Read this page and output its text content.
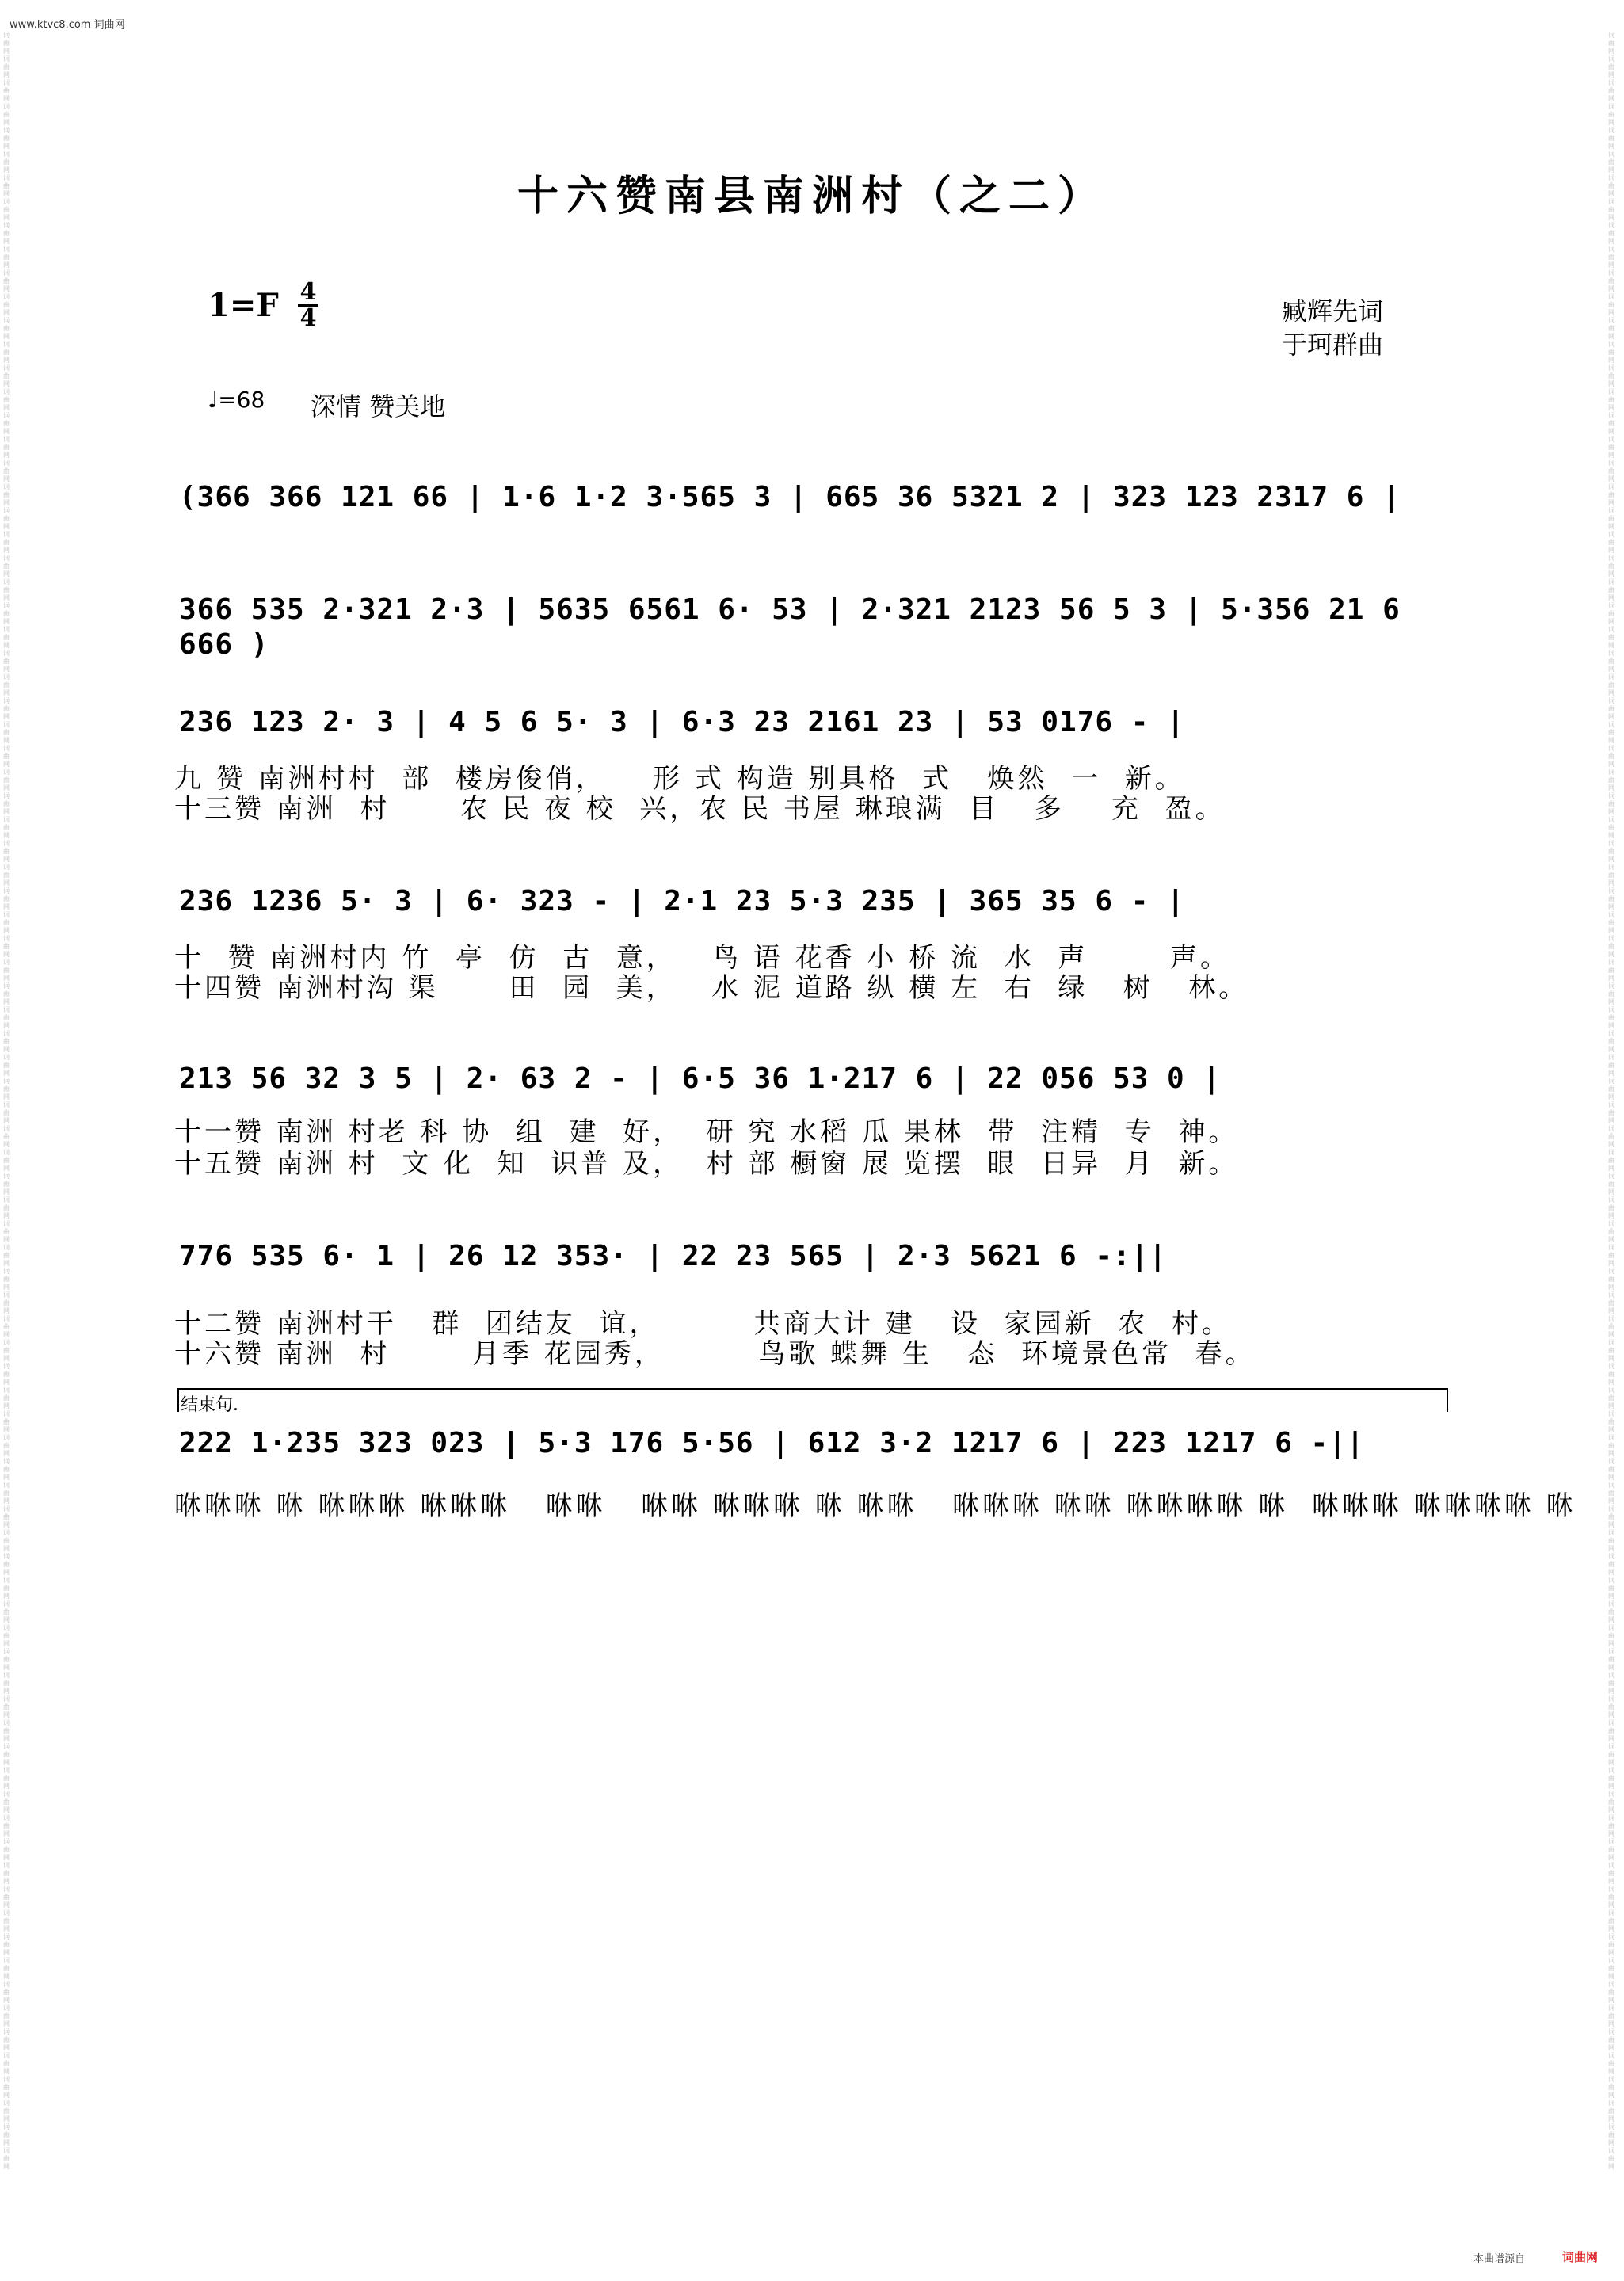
www.ktvc8.com 词曲网
词曲网词曲网词曲网词曲网词曲网词曲网词曲网词曲网词曲网词曲网词曲网词曲网词曲网词曲网词曲网词曲网词曲网词曲网词曲网词曲网词曲网词曲网词曲网词曲网词曲网词曲网词曲网词曲网词曲网词曲网词曲网词曲网词曲网词曲网词曲网词曲网词曲网词曲网词曲网词曲网词曲网词曲网词曲网词曲网词曲网词曲网词曲网词曲网词曲网词曲网词曲网词曲网词曲网词曲网词曲网词曲网词曲网词曲网词曲网词曲网词曲网词曲网词曲网词曲网词曲网词曲网词曲网词曲网词曲网词曲网词曲网词曲网词曲网词曲网词曲网词曲网词曲网词曲网词曲网词曲网词曲网词曲网词曲网词曲网词曲网词曲网词曲网词曲网词曲网词曲网
词曲网词曲网词曲网词曲网词曲网词曲网词曲网词曲网词曲网词曲网词曲网词曲网词曲网词曲网词曲网词曲网词曲网词曲网词曲网词曲网词曲网词曲网词曲网词曲网词曲网词曲网词曲网词曲网词曲网词曲网词曲网词曲网词曲网词曲网词曲网词曲网词曲网词曲网词曲网词曲网词曲网词曲网词曲网词曲网词曲网词曲网词曲网词曲网词曲网词曲网词曲网词曲网词曲网词曲网词曲网词曲网词曲网词曲网词曲网词曲网词曲网词曲网词曲网词曲网词曲网词曲网词曲网词曲网词曲网词曲网词曲网词曲网词曲网词曲网词曲网词曲网词曲网词曲网词曲网词曲网词曲网词曲网词曲网词曲网词曲网词曲网词曲网词曲网词曲网词曲网
十六赞南县南洲村（之二）
1=F 4
4	臧辉先词
于珂群曲
♩=68 深情 赞美地
(366 366 121 66 | 1·6 1·2 3·565 3 | 665 36 5321 2 | 323 123 2317 6 |
366 535 2·321 2·3 | 5635 6561 6· 53 | 2·321 2123 56 5 3 | 5·356 21 6 666 )
236 123 2· 3 | 4 5 6 5· 3 | 6·3 23 2161 23 | 53 0176 - |
九 赞 南洲村村  部  楼房俊俏，    形 式 构造 别具格  式   焕然  一  新。
十三赞 南洲  村      农 民 夜 校  兴，农 民 书屋 琳琅满  目   多    充  盈。
236 1236 5· 3 | 6· 323 - | 2·1 23 5·3 235 | 365 35 6 - |
十  赞 南洲村内 竹  亭  仿  古  意，   鸟 语 花香 小 桥 流  水  声       声。
十四赞 南洲村沟 渠      田  园  美，   水 泥 道路 纵 横 左  右  绿   树   林。
213 56 32 3 5 | 2· 63 2 - | 6·5 36 1·217 6 | 22 056 53 0 |
十一赞 南洲 村老 科 协  组  建  好，  研 究 水稻 瓜 果林  带  注精  专  神。
十五赞 南洲 村  文 化  知  识普 及，  村 部 橱窗 展 览摆  眼  日异  月  新。
776 535 6· 1 | 26 12 353· | 22 23 565 | 2·3 5621 6 -:||
十二赞 南洲村干   群  团结友  谊，        共商大计 建   设  家园新  农  村。
十六赞 南洲  村       月季 花园秀，        鸟歌 蝶舞 生   态  环境景色常  春。
结束句.
222 1·235 323 023 | 5·3 176 5·56 | 612 3·2 1217 6 | 223 1217 6 -||
咻咻咻 咻 咻咻咻 咻咻咻   咻咻   咻咻 咻咻咻 咻 咻咻   咻咻咻 咻咻 咻咻咻咻 咻  咻咻咻 咻咻咻咻 咻
本曲谱源自	词曲网
